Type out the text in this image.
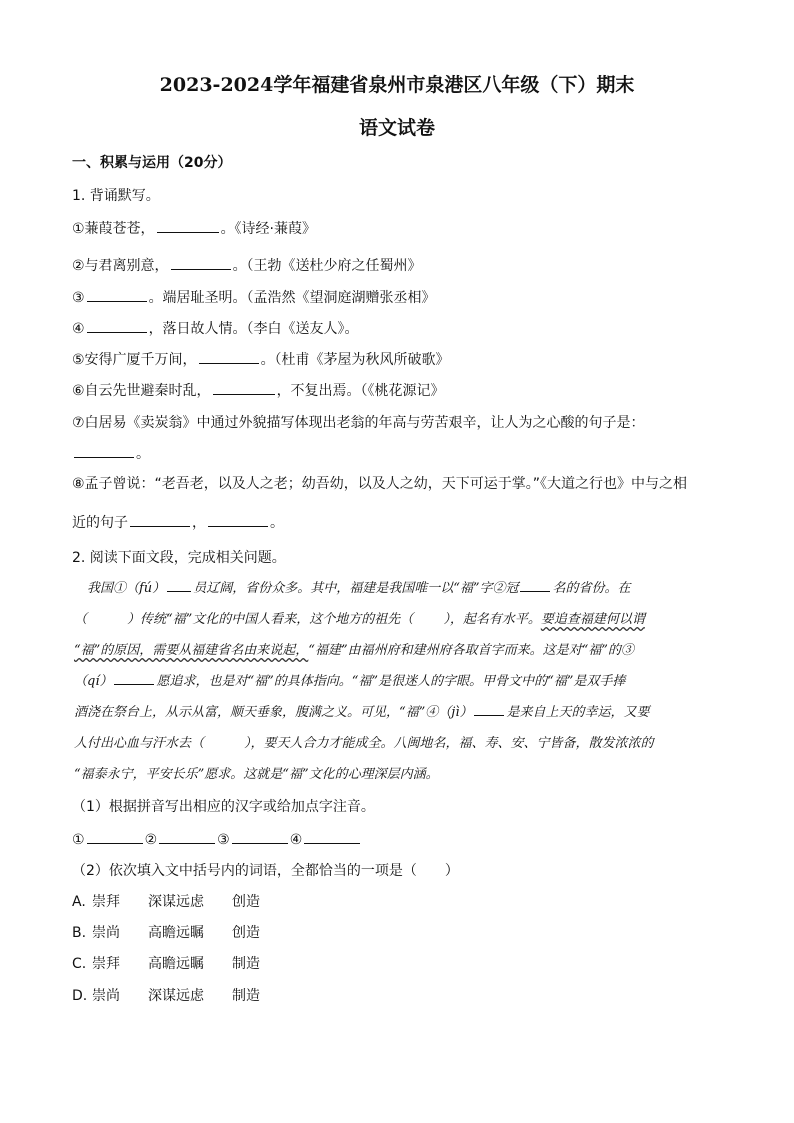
2023-2024学年福建省泉州市泉港区八年级（下）期末
语文试卷
一、积累与运用（20分）
1. 背诵默写。
①蒹葭苍苍，	。《诗经·蒹葭》
②与君离别意，	。（王勃《送杜少府之任蜀州》
③	。端居耻圣明。（孟浩然《望洞庭湖赠张丞相》
④	，落日故人情。（李白《送友人》。
⑤安得广厦千万间，	。（杜甫《茅屋为秋风所破歌》
⑥自云先世避秦时乱，	，不复出焉。（《桃花源记》
⑦白居易《卖炭翁》中通过外貌描写体现出老翁的年高与劳苦艰辛，让人为之心酸的句子是：
。
⑧孟子曾说：“老吾老，以及人之老；幼吾幼，以及人之幼，天下可运于掌。”《大道之行也》中与之相
近的句子	，	。
2. 阅读下面文段，完成相关问题。
 我国①（fú） 员辽阔，省份众多。其中，福建是我国唯一以“福”字②冠	名的省份。在
（	）传统“福”文化的中国人看来，这个地方的祖先（ ），起名有水平。要追查福建何以谓
“福”的原因，需要从福建省名由来说起，“福建”由福州府和建州府各取首字而来。这是对“福”的③
（qí）	愿追求，也是对“福”的具体指向。“福”是很迷人的字眼。甲骨文中的“福”是双手捧
酒浇在祭台上，从示从富，顺天垂象，腹满之义。可见，“福”④（jì）	是来自上天的幸运，又要
人付出心血与汗水去（	），要天人合力才能成全。八闽地名，福、寿、安、宁皆备，散发浓浓的
“福泰永宁，平安长乐”愿求。这就是“福”文化的心理深层内涵。
（1）根据拼音写出相应的汉字或给加点字注音。
①	②	③	④
（2）依次填入文中括号内的词语，全都恰当的一项是（　　）
A. 崇拜 深谋远虑 创造
B. 崇尚 高瞻远瞩 创造
C. 崇拜 高瞻远瞩 制造
D. 崇尚 深谋远虑 制造
